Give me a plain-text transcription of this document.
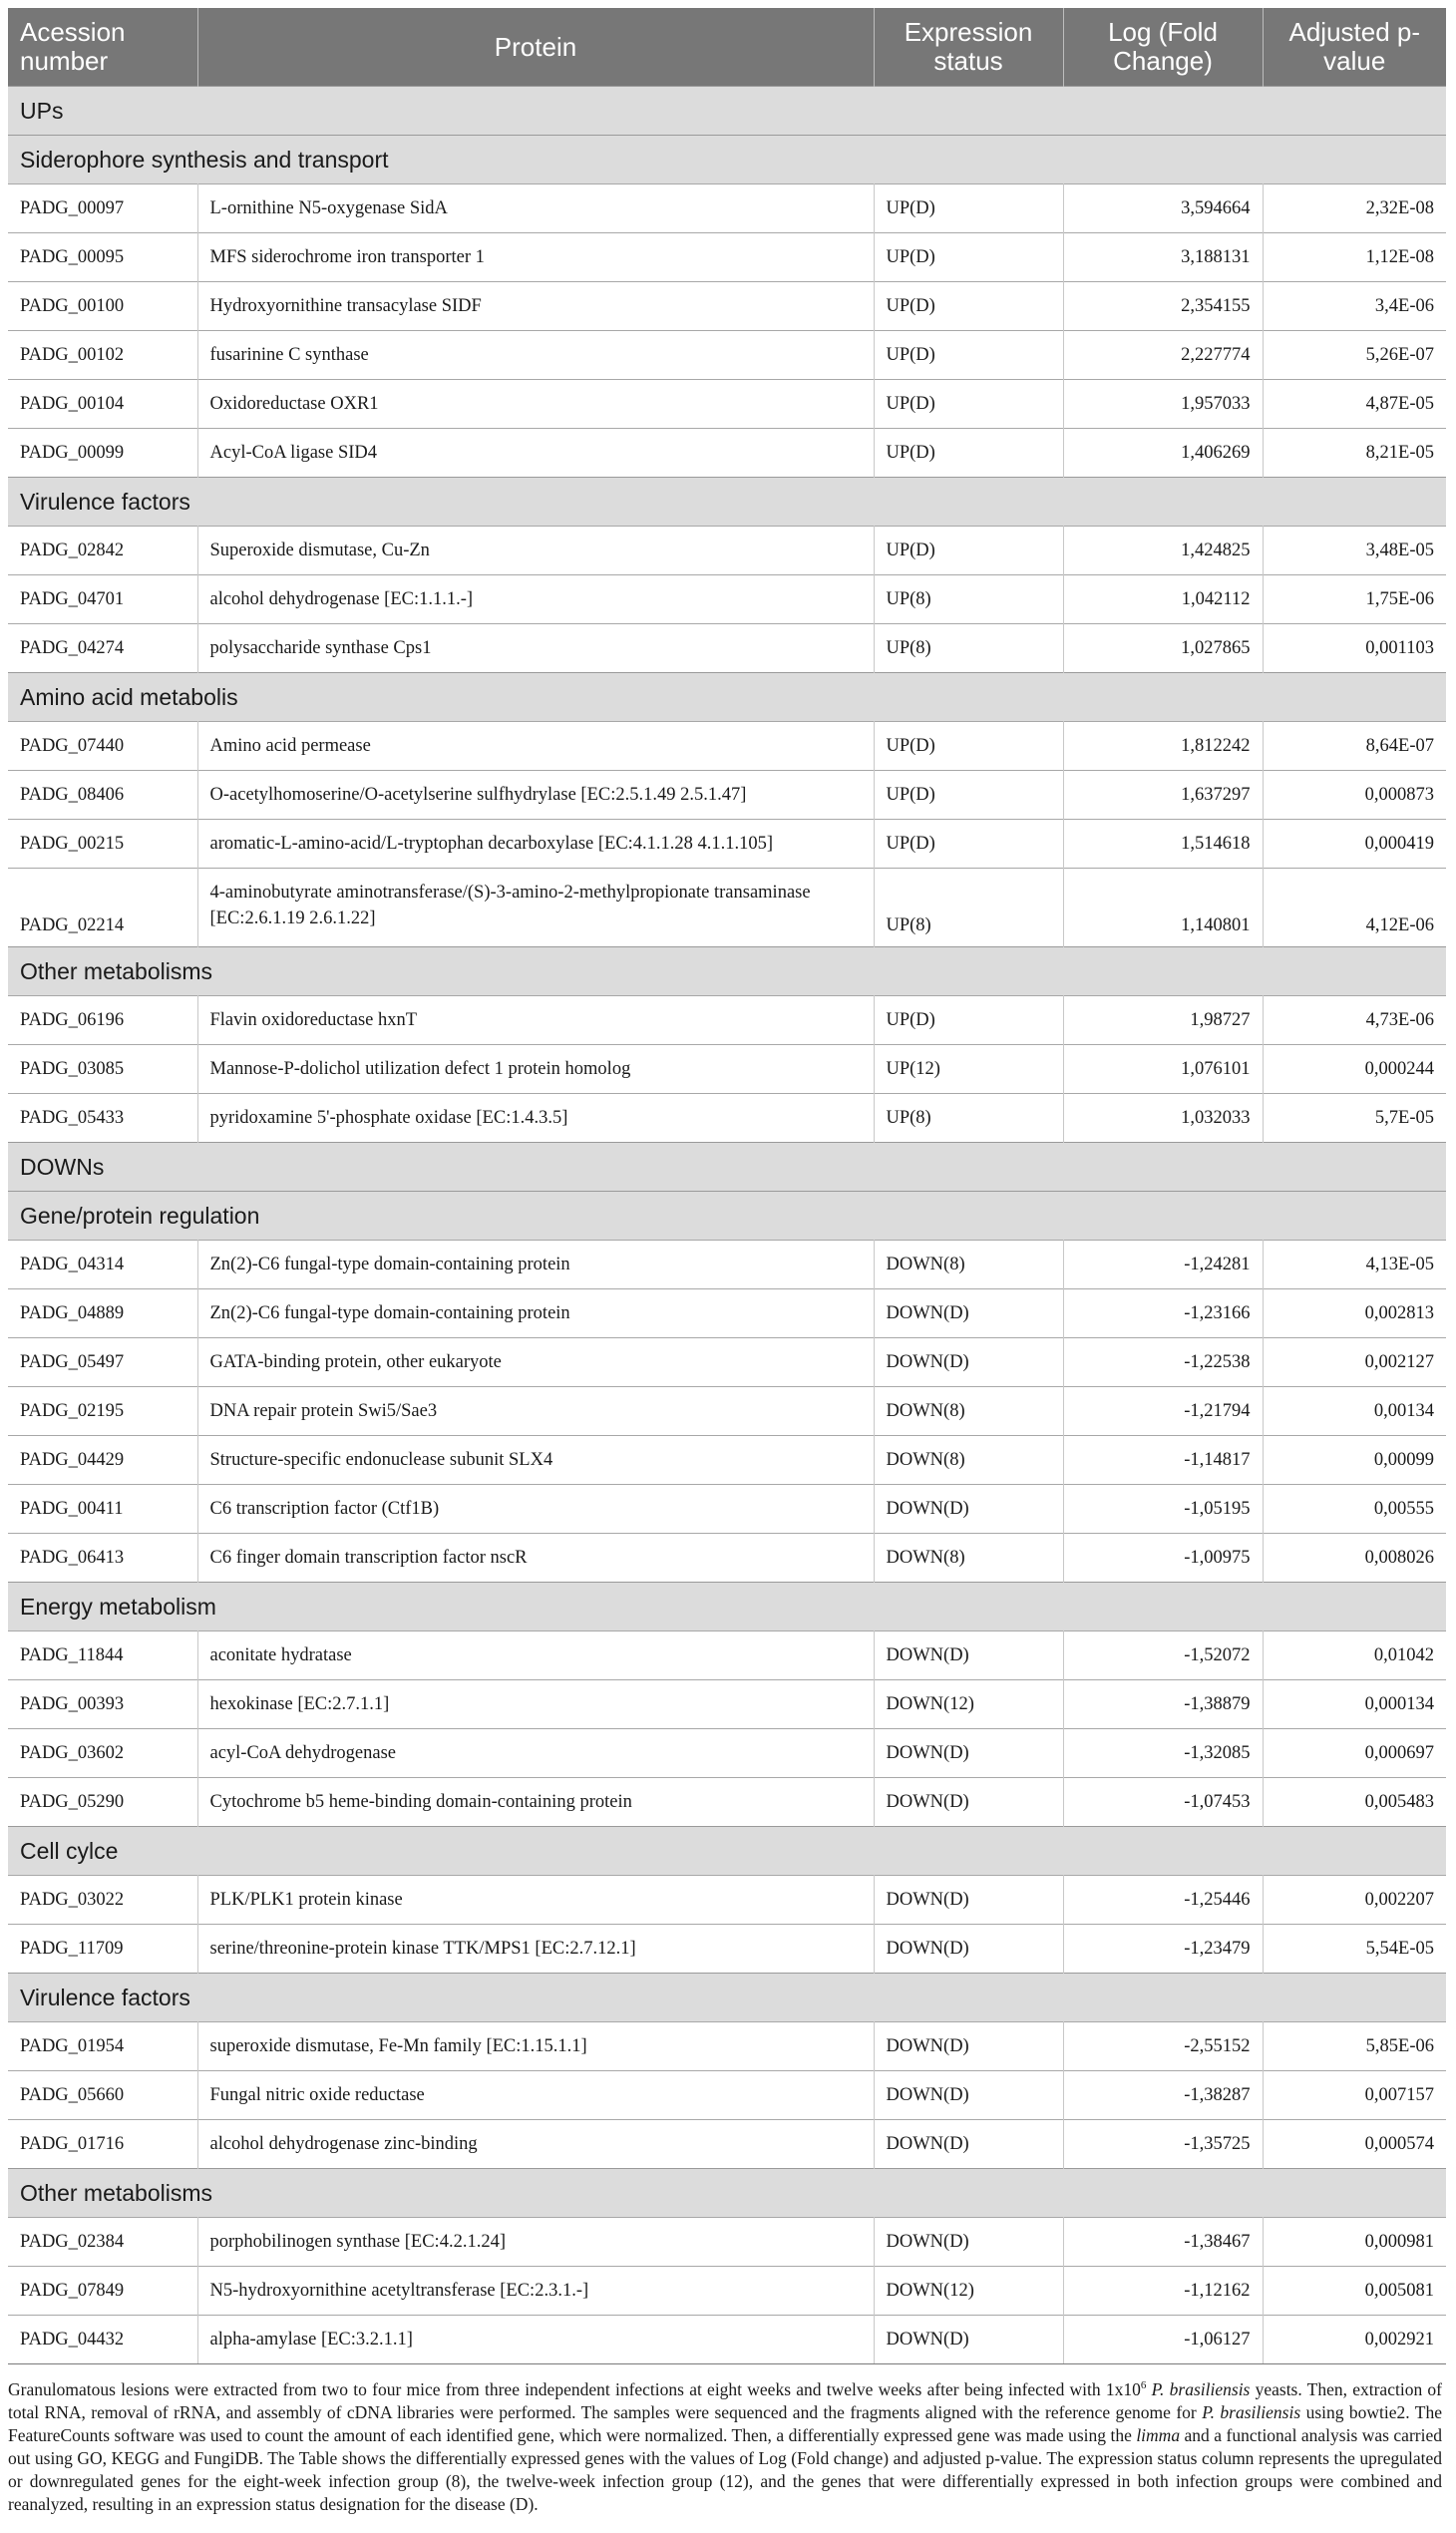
Acession number	Protein	Expression status	Log (Fold Change)	Adjusted p-value
UPs				
Siderophore synthesis and transport				
PADG_00097	L-ornithine N5-oxygenase SidA	UP(D)	3,594664	2,32E-08
PADG_00095	MFS siderochrome iron transporter 1	UP(D)	3,188131	1,12E-08
PADG_00100	Hydroxyornithine transacylase SIDF	UP(D)	2,354155	3,4E-06
PADG_00102	fusarinine C synthase	UP(D)	2,227774	5,26E-07
PADG_00104	Oxidoreductase OXR1	UP(D)	1,957033	4,87E-05
PADG_00099	Acyl-CoA ligase SID4	UP(D)	1,406269	8,21E-05
Virulence factors				
PADG_02842	Superoxide dismutase, Cu-Zn	UP(D)	1,424825	3,48E-05
PADG_04701	alcohol dehydrogenase [EC:1.1.1.-]	UP(8)	1,042112	1,75E-06
PADG_04274	polysaccharide synthase Cps1	UP(8)	1,027865	0,001103
Amino acid metabolis				
PADG_07440	Amino acid permease	UP(D)	1,812242	8,64E-07
PADG_08406	O-acetylhomoserine/O-acetylserine sulfhydrylase [EC:2.5.1.49 2.5.1.47]	UP(D)	1,637297	0,000873
PADG_00215	aromatic-L-amino-acid/L-tryptophan decarboxylase [EC:4.1.1.28 4.1.1.105]	UP(D)	1,514618	0,000419
PADG_02214	4-aminobutyrate aminotransferase/(S)-3-amino-2-methylpropionate transaminase [EC:2.6.1.19 2.6.1.22]	UP(8)	1,140801	4,12E-06
Other metabolisms				
PADG_06196	Flavin oxidoreductase hxnT	UP(D)	1,98727	4,73E-06
PADG_03085	Mannose-P-dolichol utilization defect 1 protein homolog	UP(12)	1,076101	0,000244
PADG_05433	pyridoxamine 5'-phosphate oxidase [EC:1.4.3.5]	UP(8)	1,032033	5,7E-05
DOWNs				
Gene/protein regulation				
PADG_04314	Zn(2)-C6 fungal-type domain-containing protein	DOWN(8)	-1,24281	4,13E-05
PADG_04889	Zn(2)-C6 fungal-type domain-containing protein	DOWN(D)	-1,23166	0,002813
PADG_05497	GATA-binding protein, other eukaryote	DOWN(D)	-1,22538	0,002127
PADG_02195	DNA repair protein Swi5/Sae3	DOWN(8)	-1,21794	0,00134
PADG_04429	Structure-specific endonuclease subunit SLX4	DOWN(8)	-1,14817	0,00099
PADG_00411	C6 transcription factor (Ctf1B)	DOWN(D)	-1,05195	0,00555
PADG_06413	C6 finger domain transcription factor nscR	DOWN(8)	-1,00975	0,008026
Energy metabolism				
PADG_11844	aconitate hydratase	DOWN(D)	-1,52072	0,01042
PADG_00393	hexokinase [EC:2.7.1.1]	DOWN(12)	-1,38879	0,000134
PADG_03602	acyl-CoA dehydrogenase	DOWN(D)	-1,32085	0,000697
PADG_05290	Cytochrome b5 heme-binding domain-containing protein	DOWN(D)	-1,07453	0,005483
Cell cylce				
PADG_03022	PLK/PLK1 protein kinase	DOWN(D)	-1,25446	0,002207
PADG_11709	serine/threonine-protein kinase TTK/MPS1 [EC:2.7.12.1]	DOWN(D)	-1,23479	5,54E-05
Virulence factors				
PADG_01954	superoxide dismutase, Fe-Mn family [EC:1.15.1.1]	DOWN(D)	-2,55152	5,85E-06
PADG_05660	Fungal nitric oxide reductase	DOWN(D)	-1,38287	0,007157
PADG_01716	alcohol dehydrogenase zinc-binding	DOWN(D)	-1,35725	0,000574
Other metabolisms				
PADG_02384	porphobilinogen synthase [EC:4.2.1.24]	DOWN(D)	-1,38467	0,000981
PADG_07849	N5-hydroxyornithine acetyltransferase [EC:2.3.1.-]	DOWN(12)	-1,12162	0,005081
PADG_04432	alpha-amylase [EC:3.2.1.1]	DOWN(D)	-1,06127	0,002921

Granulomatous lesions were extracted from two to four mice from three independent infections at eight weeks and twelve weeks after being infected with $1x10^6$ P. brasiliensis yeasts. Then, extraction of total RNA, removal of rRNA, and assembly of cDNA libraries were performed. The samples were sequenced and the fragments aligned with the reference genome for P. brasiliensis using bowtie2. The FeatureCounts software was used to count the amount of each identified gene, which were normalized. Then, a differentially expressed gene was made using the limma and a functional analysis was carried out using GO, KEGG and FungiDB. The Table shows the differentially expressed genes with the values of Log (Fold change) and adjusted p-value. The expression status column represents the upregulated or downregulated genes for the eight-week infection group (8), the twelve-week infection group (12), and the genes that were differentially expressed in both infection groups were combined and reanalyzed, resulting in an expression status designation for the disease (D).
